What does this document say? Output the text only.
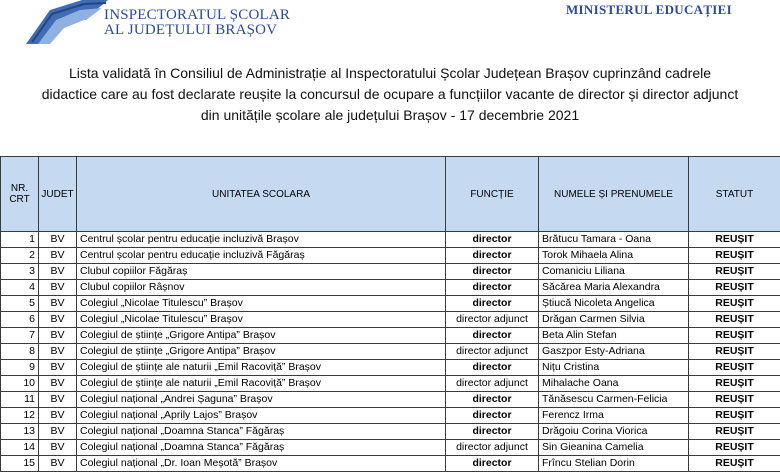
INSPECTORATUL ȘCOLAR
AL JUDEȚULUI BRAȘOV
MINISTERUL EDUCAȚIEI
Lista validată în Consiliul de Administrație al Inspectoratului Școlar Județean Brașov cuprinzând cadrele didactice care au fost declarate reușite la concursul de ocupare a funcțiilor vacante de director și director adjunct din unitățile școlare ale județului Brașov - 17 decembrie 2021
NR. CRT	JUDET	UNITATEA SCOLARA	FUNCȚIE	NUMELE ȘI PRENUMELE	STATUT
1	BV	Centrul școlar pentru educație incluzivă Brașov	director	Brătucu Tamara - Oana	REUȘIT
2	BV	Centrul școlar pentru educație incluzivă Făgăraș	director	Torok Mihaela Alina	REUȘIT
3	BV	Clubul copiilor Făgăraș	director	Comaniciu Liliana	REUȘIT
4	BV	Clubul copiilor Râșnov	director	Săcărea Maria Alexandra	REUȘIT
5	BV	Colegiul „Nicolae Titulescu” Brașov	director	Știucă Nicoleta Angelica	REUȘIT
6	BV	Colegiul „Nicolae Titulescu” Brașov	director adjunct	Drăgan Carmen Silvia	REUȘIT
7	BV	Colegiul de științe „Grigore Antipa” Brașov	director	Beta Alin Stefan	REUȘIT
8	BV	Colegiul de științe „Grigore Antipa” Brașov	director adjunct	Gaszpor Esty-Adriana	REUȘIT
9	BV	Colegiul de științe ale naturii „Emil Racoviță” Brașov	director	Nițu Cristina	REUȘIT
10	BV	Colegiul de științe ale naturii „Emil Racoviță” Brașov	director adjunct	Mihalache Oana	REUȘIT
11	BV	Colegiul național „Andrei Șaguna” Brașov	director	Tănăsescu Carmen-Felicia	REUȘIT
12	BV	Colegiul național „Aprily Lajos” Brașov	director	Ferencz Irma	REUȘIT
13	BV	Colegiul național „Doamna Stanca” Făgăraș	director	Drăgoiu Corina Viorica	REUȘIT
14	BV	Colegiul național „Doamna Stanca” Făgăraș	director adjunct	Sin Gieanina Camelia	REUȘIT
15	BV	Colegiul național „Dr. Ioan Meșotă” Brașov	director	Frîncu Stelian Dorin	REUȘIT
